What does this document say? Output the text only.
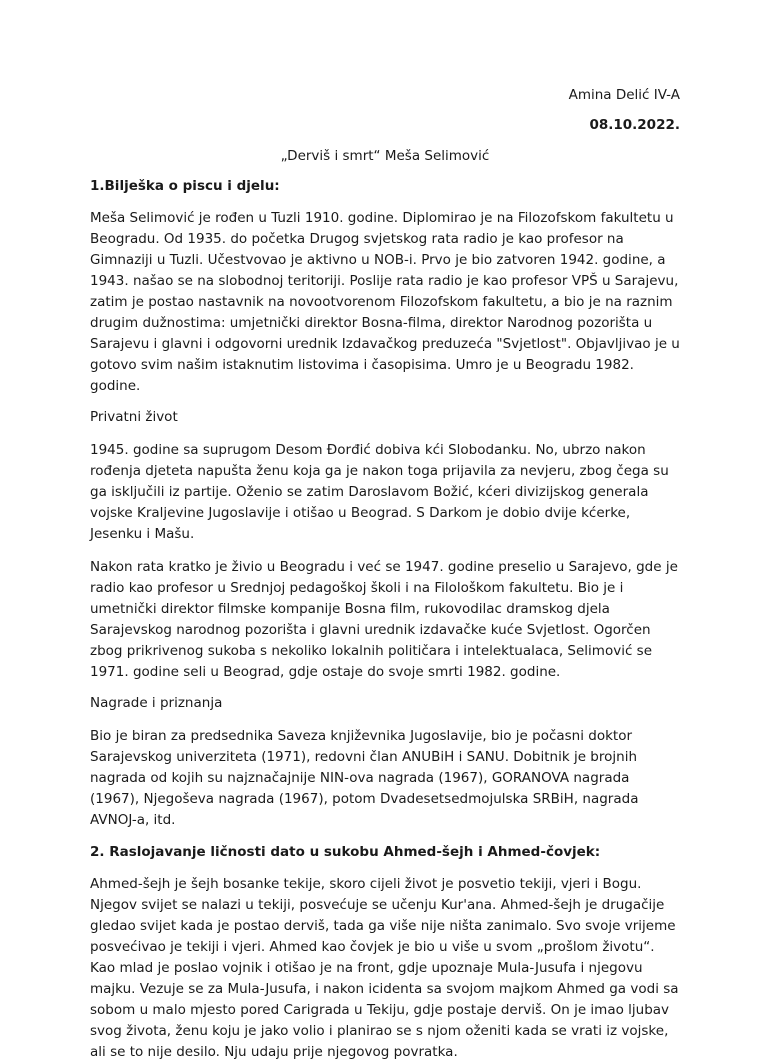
Amina Delić IV-A
08.10.2022.
„Derviš i smrt“ Meša Selimović
1.Bilješka o piscu i djelu:

Meša Selimović je rođen u Tuzli 1910. godine. Diplomirao je na Filozofskom fakultetu u Beogradu. Od 1935. do početka Drugog svjetskog rata radio je kao profesor na Gimnaziji u Tuzli. Učestvovao je aktivno u NOB-i. Prvo je bio zatvoren 1942. godine, a 1943. našao se na slobodnoj teritoriji. Poslije rata radio je kao profesor VPŠ u Sarajevu, zatim je postao nastavnik na novootvorenom Filozofskom fakultetu, a bio je na raznim drugim dužnostima: umjetnički direktor Bosna-filma, direktor Narodnog pozorišta u Sarajevu i glavni i odgovorni urednik Izdavačkog preduzeća "Svjetlost". Objavljivao je u gotovo svim našim istaknutim listovima i časopisima. Umro je u Beogradu 1982. godine.

Privatni život

1945. godine sa suprugom Desom Đorđić dobiva kći Slobodanku. No, ubrzo nakon rođenja djeteta napušta ženu koja ga je nakon toga prijavila za nevjeru, zbog čega su ga isključili iz partije. Oženio se zatim Daroslavom Božić, kćeri divizijskog generala vojske Kraljevine Jugoslavije i otišao u Beograd. S Darkom je dobio dvije kćerke, Jesenku i Mašu.

Nakon rata kratko je živio u Beogradu i već se 1947. godine preselio u Sarajevo, gde je radio kao profesor u Srednjoj pedagoškoj školi i na Filološkom fakultetu. Bio je i umetnički direktor filmske kompanije Bosna film, rukovodilac dramskog djela Sarajevskog narodnog pozorišta i glavni urednik izdavačke kuće Svjetlost. Ogorčen zbog prikrivenog sukoba s nekoliko lokalnih političara i intelektualaca, Selimović se 1971. godine seli u Beograd, gdje ostaje do svoje smrti 1982. godine.

Nagrade i priznanja

Bio je biran za predsednika Saveza književnika Jugoslavije, bio je počasni doktor Sarajevskog univerziteta (1971), redovni član ANUBiH i SANU. Dobitnik je brojnih nagrada od kojih su najznačajnije NIN-ova nagrada (1967), GORANOVA nagrada (1967), Njegoševa nagrada (1967), potom Dvadesetsedmojulska SRBiH, nagrada AVNOJ-a, itd.

2. Raslojavanje ličnosti dato u sukobu Ahmed-šejh i Ahmed-čovjek:

Ahmed-šejh je šejh bosanke tekije, skoro cijeli život je posvetio tekiji, vjeri i Bogu. Njegov svijet se nalazi u tekiji, posvećuje se učenju Kur'ana. Ahmed-šejh je drugačije gledao svijet kada je postao derviš, tada ga više nije ništa zanimalo. Svo svoje vrijeme posvećivao je tekiji i vjeri. Ahmed kao čovjek je bio u više u svom „prošlom životu“. Kao mlad je poslao vojnik i otišao je na front, gdje upoznaje Mula-Jusufa i njegovu majku. Vezuje se za Mula-Jusufa, i nakon icidenta sa svojom majkom Ahmed ga vodi sa sobom u malo mjesto pored Carigrada u Tekiju, gdje postaje derviš. On je imao ljubav svog života, ženu koju je jako volio i planirao se s njom oženiti kada se vrati iz vojske, ali se to nije desilo. Nju udaju prije njegovog povratka.
